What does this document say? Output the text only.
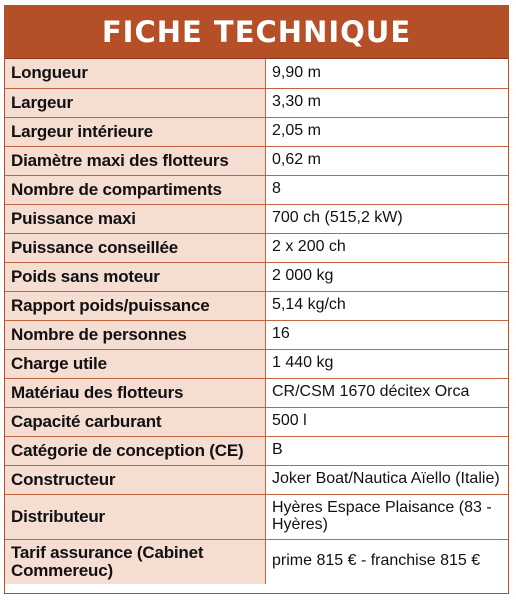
FICHE TECHNIQUE
Longueur	9,90 m
Largeur	3,30 m
Largeur intérieure	2,05 m
Diamètre maxi des flotteurs	0,62 m
Nombre de compartiments	8
Puissance maxi	700 ch (515,2 kW)
Puissance conseillée	2 x 200 ch
Poids sans moteur	2 000 kg
Rapport poids/puissance	5,14 kg/ch
Nombre de personnes	16
Charge utile	1 440 kg
Matériau des flotteurs	CR/CSM 1670 décitex Orca
Capacité carburant	500 l
Catégorie de conception (CE)	B
Constructeur	Joker Boat/Nautica Aïello (Italie)
Distributeur	Hyères Espace Plaisance (83 - Hyères)
Tarif assurance (Cabinet Commereuc)	prime 815 € - franchise 815 €
